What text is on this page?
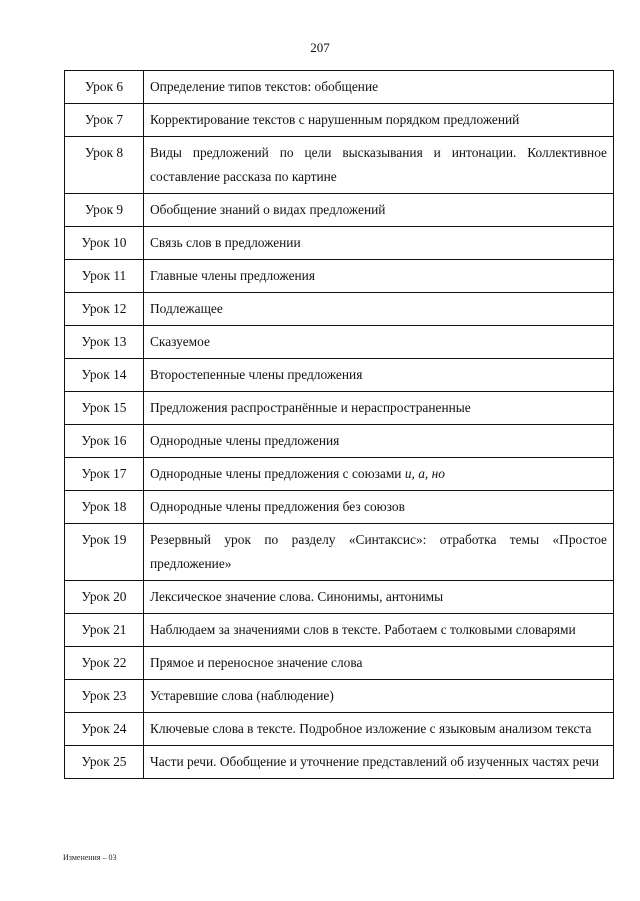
207
Урок 6	Определение типов текстов: обобщение
Урок 7	Корректирование текстов с нарушенным порядком предложений
Урок 8	Виды предложений по цели высказывания и интонации. Коллективное составление рассказа по картине
Урок 9	Обобщение знаний о видах предложений
Урок 10	Связь слов в предложении
Урок 11	Главные члены предложения
Урок 12	Подлежащее
Урок 13	Сказуемое
Урок 14	Второстепенные члены предложения
Урок 15	Предложения распространённые и нераспространенные
Урок 16	Однородные члены предложения
Урок 17	Однородные члены предложения с союзами и, а, но
Урок 18	Однородные члены предложения без союзов
Урок 19	Резервный урок по разделу «Синтаксис»: отработка темы «Простое предложение»
Урок 20	Лексическое значение слова. Синонимы, антонимы
Урок 21	Наблюдаем за значениями слов в тексте. Работаем с толковыми словарями
Урок 22	Прямое и переносное значение слова
Урок 23	Устаревшие слова (наблюдение)
Урок 24	Ключевые слова в тексте. Подробное изложение с языковым анализом текста
Урок 25	Части речи. Обобщение и уточнение представлений об изученных частях речи
Изменения – 03
